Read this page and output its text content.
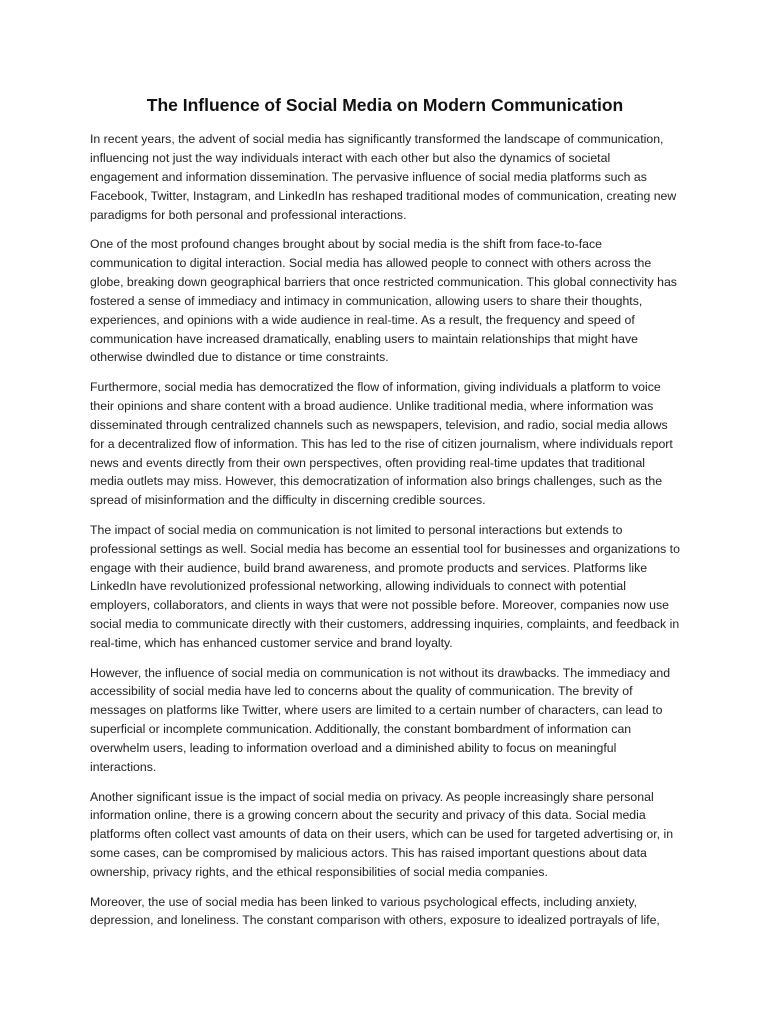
The Influence of Social Media on Modern Communication

In recent years, the advent of social media has significantly transformed the landscape of communication, influencing not just the way individuals interact with each other but also the dynamics of societal engagement and information dissemination. The pervasive influence of social media platforms such as Facebook, Twitter, Instagram, and LinkedIn has reshaped traditional modes of communication, creating new paradigms for both personal and professional interactions.

One of the most profound changes brought about by social media is the shift from face-to-face communication to digital interaction. Social media has allowed people to connect with others across the globe, breaking down geographical barriers that once restricted communication. This global connectivity has fostered a sense of immediacy and intimacy in communication, allowing users to share their thoughts, experiences, and opinions with a wide audience in real-time. As a result, the frequency and speed of communication have increased dramatically, enabling users to maintain relationships that might have otherwise dwindled due to distance or time constraints.

Furthermore, social media has democratized the flow of information, giving individuals a platform to voice their opinions and share content with a broad audience. Unlike traditional media, where information was disseminated through centralized channels such as newspapers, television, and radio, social media allows for a decentralized flow of information. This has led to the rise of citizen journalism, where individuals report news and events directly from their own perspectives, often providing real-time updates that traditional media outlets may miss. However, this democratization of information also brings challenges, such as the spread of misinformation and the difficulty in discerning credible sources.

The impact of social media on communication is not limited to personal interactions but extends to professional settings as well. Social media has become an essential tool for businesses and organizations to engage with their audience, build brand awareness, and promote products and services. Platforms like LinkedIn have revolutionized professional networking, allowing individuals to connect with potential employers, collaborators, and clients in ways that were not possible before. Moreover, companies now use social media to communicate directly with their customers, addressing inquiries, complaints, and feedback in real-time, which has enhanced customer service and brand loyalty.

However, the influence of social media on communication is not without its drawbacks. The immediacy and accessibility of social media have led to concerns about the quality of communication. The brevity of messages on platforms like Twitter, where users are limited to a certain number of characters, can lead to superficial or incomplete communication. Additionally, the constant bombardment of information can overwhelm users, leading to information overload and a diminished ability to focus on meaningful interactions.

Another significant issue is the impact of social media on privacy. As people increasingly share personal information online, there is a growing concern about the security and privacy of this data. Social media platforms often collect vast amounts of data on their users, which can be used for targeted advertising or, in some cases, can be compromised by malicious actors. This has raised important questions about data ownership, privacy rights, and the ethical responsibilities of social media companies.

Moreover, the use of social media has been linked to various psychological effects, including anxiety, depression, and loneliness. The constant comparison with others, exposure to idealized portrayals of life,
